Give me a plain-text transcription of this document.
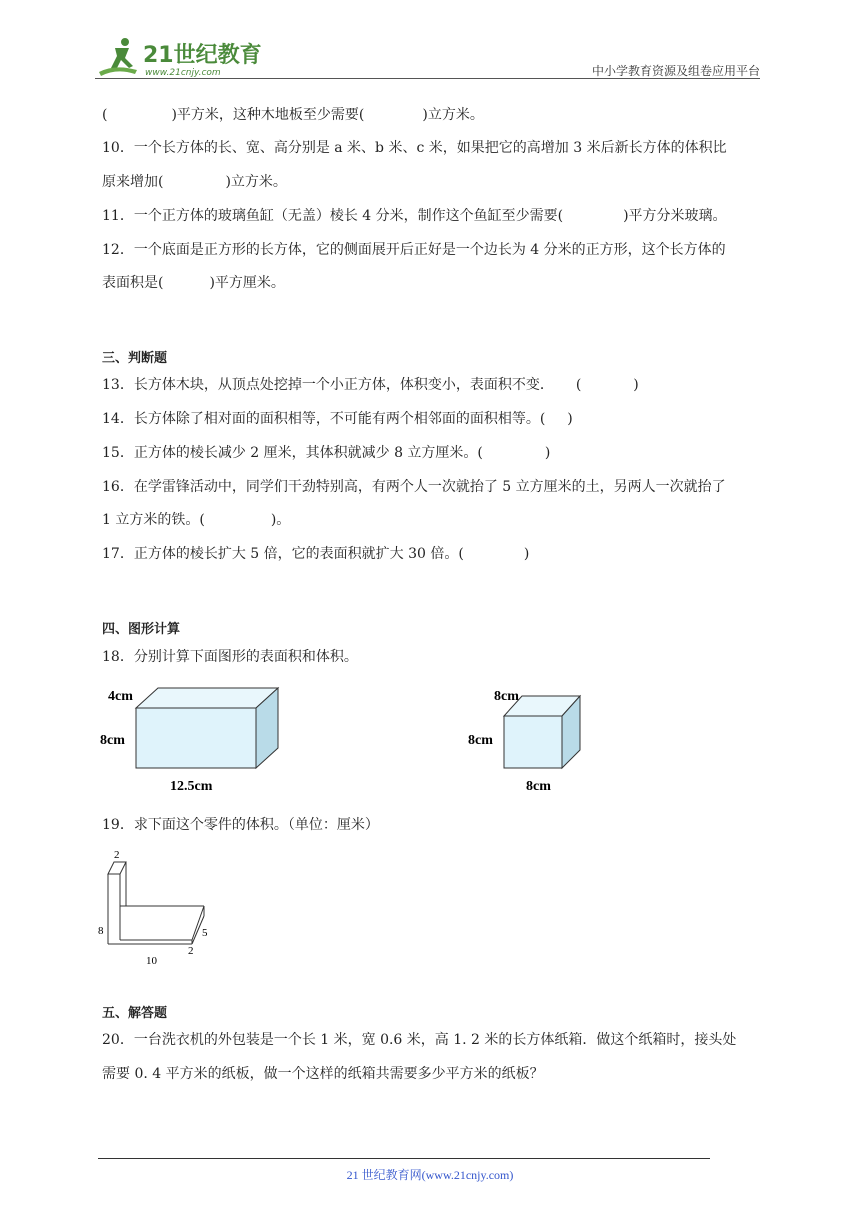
21世纪教育
www.21cnjy.com	中小学教育资源及组卷应用平台
(	)平方米，这种木地板至少需要(	)立方米。
10．一个长方体的长、宽、高分别是 a 米、b 米、c 米，如果把它的高增加 3 米后新长方体的体积比
原来增加(	)立方米。
11．一个正方体的玻璃鱼缸（无盖）棱长 4 分米，制作这个鱼缸至少需要(	)平方分米玻璃。
12．一个底面是正方形的长方体，它的侧面展开后正好是一个边长为 4 分米的正方形，这个长方体的
表面积是(	)平方厘米。
三、判断题
13．长方体木块，从顶点处挖掉一个小正方体，体积变小，表面积不变． (	)
14．长方体除了相对面的面积相等，不可能有两个相邻面的面积相等。( )
15．正方体的棱长减少 2 厘米，其体积就减少 8 立方厘米。(	)
16．在学雷锋活动中，同学们干劲特别高，有两个人一次就抬了 5 立方厘米的土，另两人一次就抬了
1 立方米的铁。(	)。
17．正方体的棱长扩大 5 倍，它的表面积就扩大 30 倍。(	)
四、图形计算
18．分别计算下面图形的表面积和体积。
4cm
8cm
12.5cm
8cm
8cm
8cm
19．求下面这个零件的体积。（单位：厘米）
2
8	5
10
2
五、解答题
20．一台洗衣机的外包装是一个长 1 米，宽 0.6 米，高 1. 2 米的长方体纸箱．做这个纸箱时，接头处
需要 0. 4 平方米的纸板，做一个这样的纸箱共需要多少平方米的纸板？
21 世纪教育网(www.21cnjy.com)
